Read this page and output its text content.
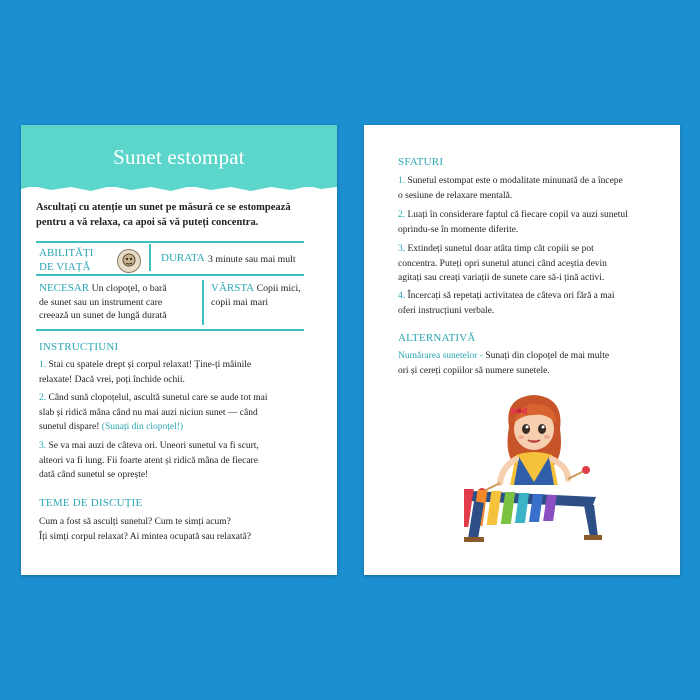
Sunet estompat
Ascultați cu atenție un sunet pe măsură ce se estompează pentru a vă relaxa, ca apoi să vă puteți concentra.
ABILITĂȚI
DE VIAȚĂ
DURATA 3 minute sau mai mult
NECESAR Un clopoțel, o bară
de sunet sau un instrument care
creează un sunet de lungă durată
VÂRSTA Copii mici,
copii mai mari
INSTRUCȚIUNI
1. Stai cu spatele drept și corpul relaxat! Ține-ți mâinile
relaxate! Dacă vrei, poți închide ochii.
2. Când sună clopoțelul, ascultă sunetul care se aude tot mai
slab și ridică mâna când nu mai auzi niciun sunet — când
sunetul dispare! (Sunați din clopoțel!)
3. Se va mai auzi de câteva ori. Uneori sunetul va fi scurt,
alteori va fi lung. Fii foarte atent și ridică mâna de fiecare
dată când sunetul se oprește!
TEME DE DISCUȚIE
Cum a fost să asculți sunetul? Cum te simți acum?
Îți simți corpul relaxat? Ai mintea ocupată sau relaxată?
SFATURI
1. Sunetul estompat este o modalitate minunată de a începe
o sesiune de relaxare mentală.
2. Luați în considerare faptul că fiecare copil va auzi sunetul
oprindu-se în momente diferite.
3. Extindeți sunetul doar atâta timp cât copiii se pot
concentra. Puteți opri sunetul atunci când aceștia devin
agitați sau creați variații de sunete care să-i țină activi.
4. Încercați să repetați activitatea de câteva ori fără a mai
oferi instrucțiuni verbale.
ALTERNATIVĂ
Numărarea sunetelor - Sunați din clopoțel de mai multe
ori și cereți copiilor să numere sunetele.
